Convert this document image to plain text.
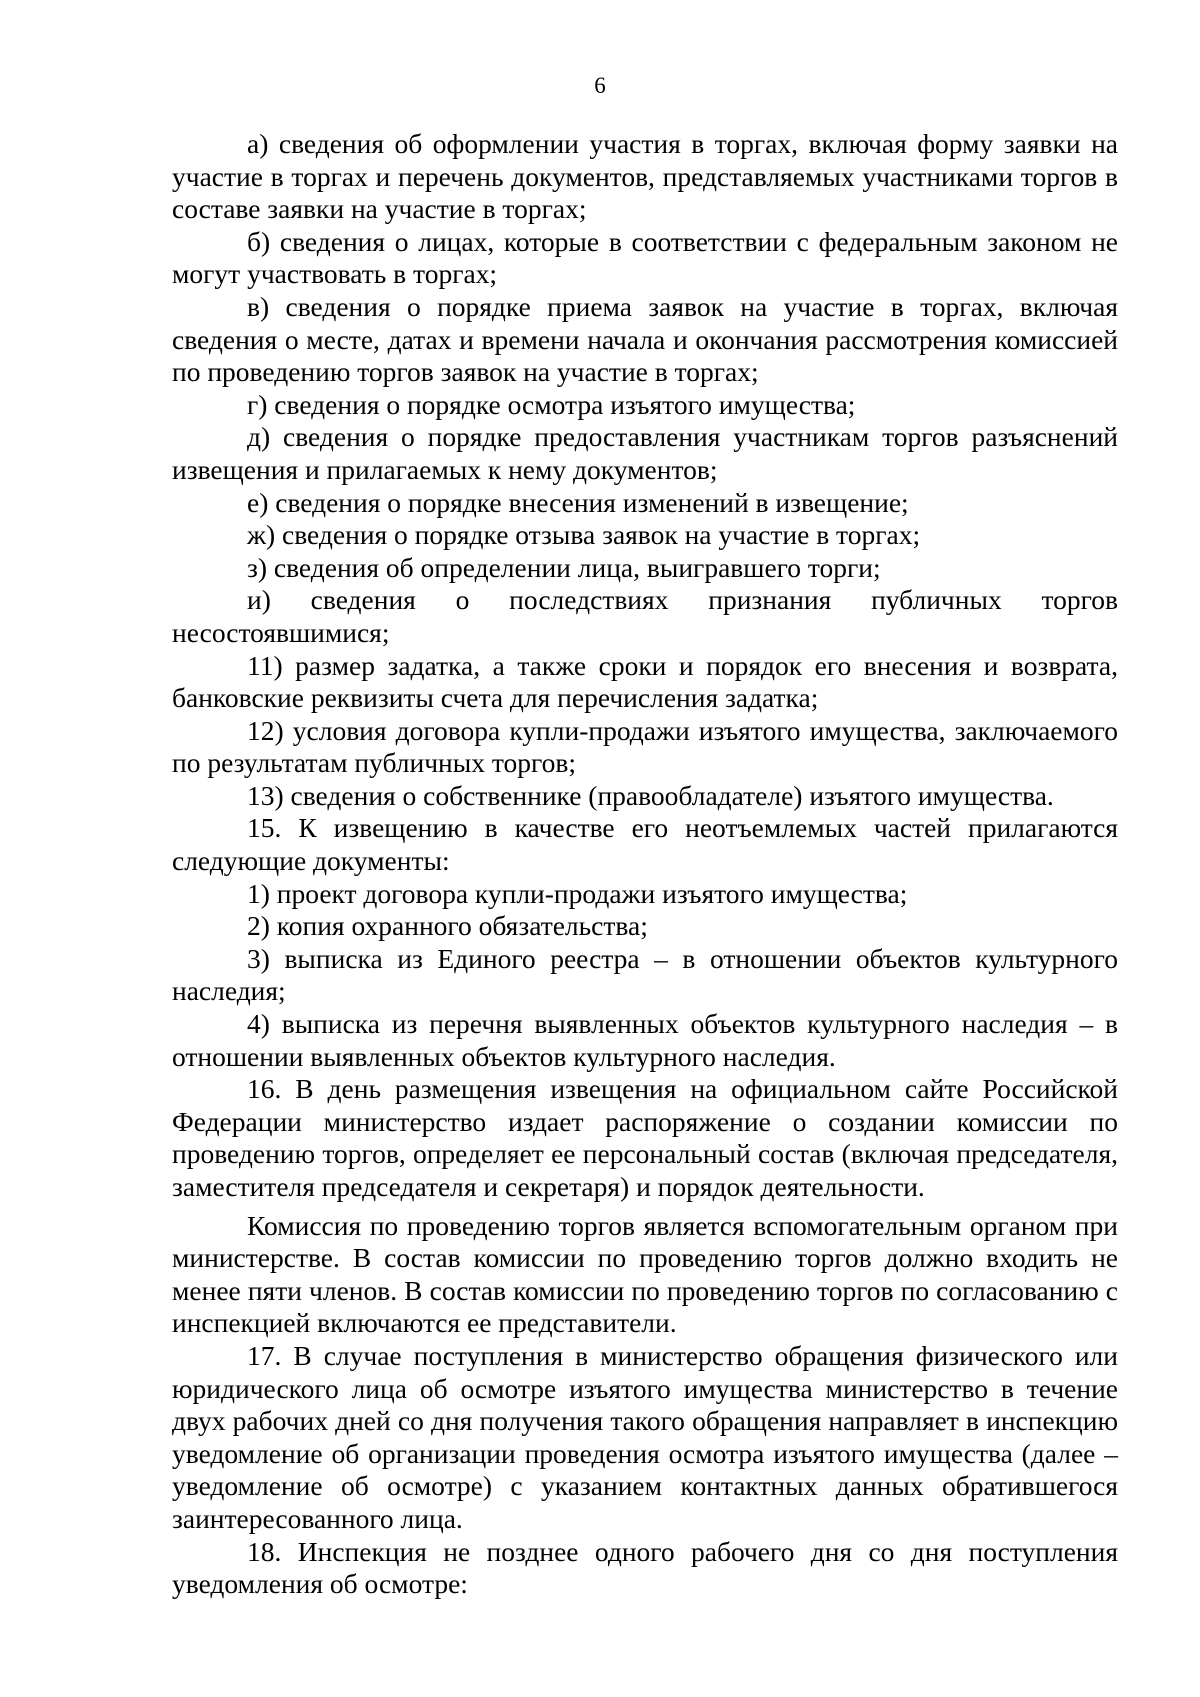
6

а) сведения об оформлении участия в торгах, включая форму заявки на участие в торгах и перечень документов, представляемых участниками торгов в составе заявки на участие в торгах;

б) сведения о лицах, которые в соответствии с федеральным законом не могут участвовать в торгах;

в) сведения о порядке приема заявок на участие в торгах, включая сведения о месте, датах и времени начала и окончания рассмотрения комиссией по проведению торгов заявок на участие в торгах;

г) сведения о порядке осмотра изъятого имущества;

д) сведения о порядке предоставления участникам торгов разъяснений извещения и прилагаемых к нему документов;

е) сведения о порядке внесения изменений в извещение;

ж) сведения о порядке отзыва заявок на участие в торгах;

з) сведения об определении лица, выигравшего торги;

и) сведения о последствиях признания публичных торгов несостоявшимися;

11) размер задатка, а также сроки и порядок его внесения и возврата, банковские реквизиты счета для перечисления задатка;

12) условия договора купли-продажи изъятого имущества, заключаемого по результатам публичных торгов;

13) сведения о собственнике (правообладателе) изъятого имущества.

15. К извещению в качестве его неотъемлемых частей прилагаются следующие документы:

1) проект договора купли-продажи изъятого имущества;

2) копия охранного обязательства;

3) выписка из Единого реестра – в отношении объектов культурного наследия;

4) выписка из перечня выявленных объектов культурного наследия – в отношении выявленных объектов культурного наследия.

16. В день размещения извещения на официальном сайте Российской Федерации министерство издает распоряжение о создании комиссии по проведению торгов, определяет ее персональный состав (включая председателя, заместителя председателя и секретаря) и порядок деятельности.

Комиссия по проведению торгов является вспомогательным органом при министерстве. В состав комиссии по проведению торгов должно входить не менее пяти членов. В состав комиссии по проведению торгов по согласованию с инспекцией включаются ее представители.

17. В случае поступления в министерство обращения физического или юридического лица об осмотре изъятого имущества министерство в течение двух рабочих дней со дня получения такого обращения направляет в инспекцию уведомление об организации проведения осмотра изъятого имущества (далее – уведомление об осмотре) с указанием контактных данных обратившегося заинтересованного лица.

18. Инспекция не позднее одного рабочего дня со дня поступления уведомления об осмотре:
